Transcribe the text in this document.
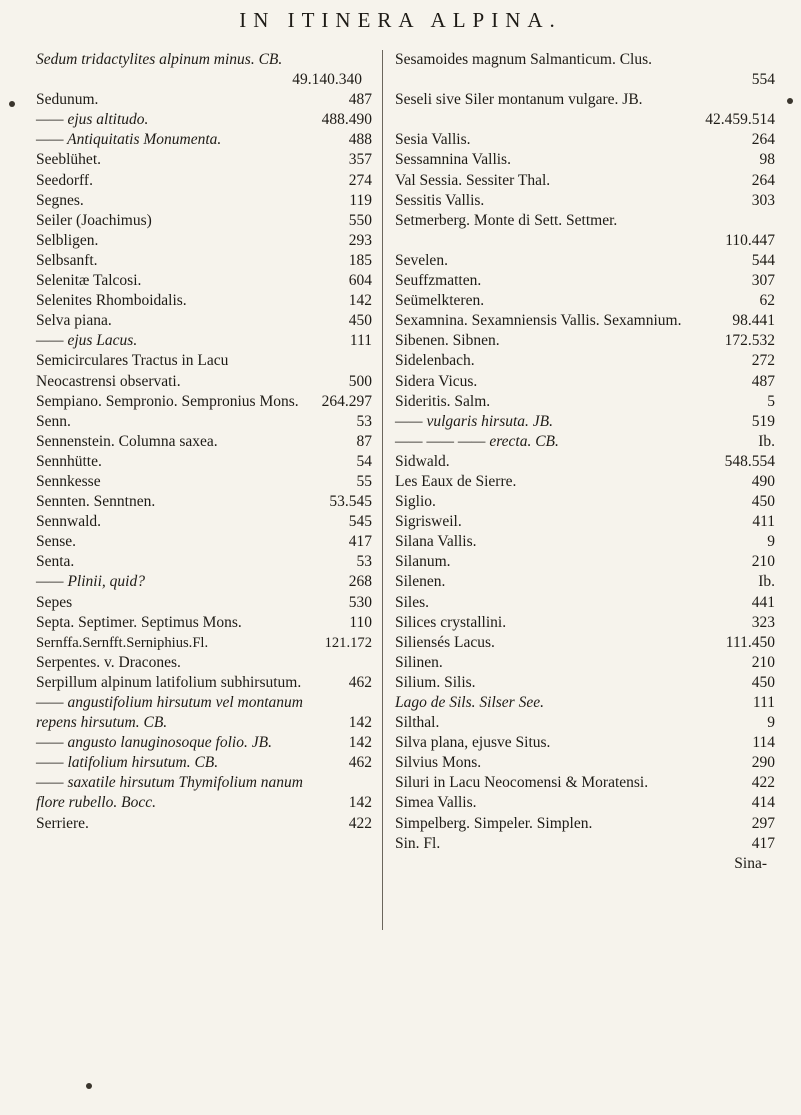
IN ITINERA ALPINA.
Sedum tridactylites alpinum minus. CB.

49.140.340
Sedunum.	487
—— ejus altitudo.	488.490
—— Antiquitatis Monumenta.	488
Seeblühet.	357
Seedorff.	274
Segnes.	119
Seiler (Joachimus)	550
Selbligen.	293
Selbsanft.	185
Selenitæ Talcosi.	604
Selenites Rhomboidalis.	142
Selva piana.	450
—— ejus Lacus.	111
Semicirculares Tractus in Lacu Neocastrensi observati.	500
Sempiano. Sempronio. Sempronius Mons. 264.297
Senn.	53
Sennenstein. Columna saxea.	87
Sennhütte.	54
Sennkesse	55
Sennten. Senntnen.	53.545
Sennwald.	545
Sense.	417
Senta.	53
—— Plinii, quid?	268
Sepes	530
Septa. Septimer. Septimus Mons.	110
Sernffa.Sernfft.Serniphius.Fl.	121.172
Serpentes. v. Dracones.
Serpillum alpinum latifolium subhirsutum.	462
—— angustifolium hirsutum vel montanum repens hirsutum. CB.	142
—— angusto lanuginosoque folio. JB.	142
—— latifolium hirsutum. CB.	462
—— saxatile hirsutum Thymifolium nanum flore rubello. Bocc.	142
Serriere.	422
Sesamoides magnum Salmanticum. Clus.

554
Seseli sive Siler montanum vulgare. JB.

42.459.514
Sesia Vallis.	264
Sessamnina Vallis.	98
Val Sessia. Sessiter Thal.	264
Sessitis Vallis.	303
Setmerberg. Monte di Sett. Settmer.

110.447
Sevelen.	544
Seuffzmatten.	307
Seümelkteren.	62
Sexamnina. Sexamniensis Vallis. Sexamnium.	98.441
Sibenen. Sibnen.	172.532
Sidelenbach.	272
Sidera Vicus.	487
Sideritis. Salm.	5
—— vulgaris hirsuta. JB.	519
—— —— —— erecta. CB.	Ib.
Sidwald.	548.554
Les Eaux de Sierre.	490
Siglio.	450
Sigrisweil.	411
Silana Vallis.	9
Silanum.	210
Silenen.	Ib.
Siles.	441
Silices crystallini.	323
Siliensés Lacus.	111.450
Silinen.	210
Silium. Silis.	450
Lago de Sils. Silser See.	111
Silthal.	9
Silva plana, ejusve Situs.	114
Silvius Mons.	290
Siluri in Lacu Neocomensi & Moratensi.	422
Simea Vallis.	414
Simpelberg. Simpeler. Simplen.	297
Sin. Fl.	417
Sina-
